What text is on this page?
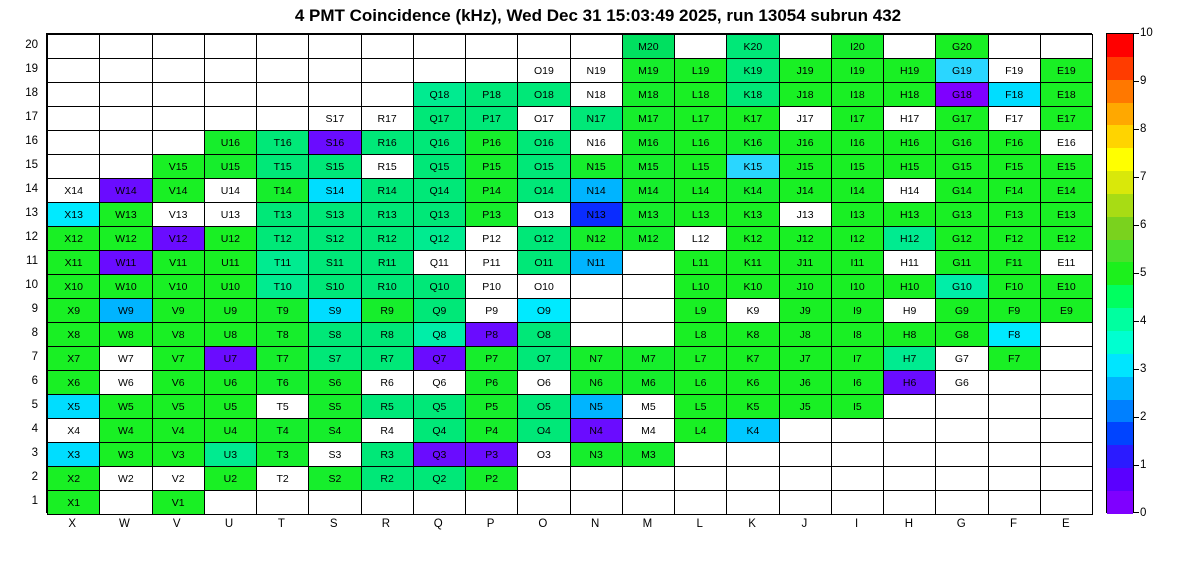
4 PMT Coincidence (kHz), Wed Dec 31 15:03:49 2025, run 13054 subrun 432
20
19
18
17
16
15
14
13
12
11
10
9
8
7
6
5
4
3
2
1
											M20		K20		I20		G20		
									O19	N19	M19	L19	K19	J19	I19	H19	G19	F19	E19
							Q18	P18	O18	N18	M18	L18	K18	J18	I18	H18	G18	F18	E18
					S17	R17	Q17	P17	O17	N17	M17	L17	K17	J17	I17	H17	G17	F17	E17
			U16	T16	S16	R16	Q16	P16	O16	N16	M16	L16	K16	J16	I16	H16	G16	F16	E16
		V15	U15	T15	S15	R15	Q15	P15	O15	N15	M15	L15	K15	J15	I15	H15	G15	F15	E15
X14	W14	V14	U14	T14	S14	R14	Q14	P14	O14	N14	M14	L14	K14	J14	I14	H14	G14	F14	E14
X13	W13	V13	U13	T13	S13	R13	Q13	P13	O13	N13	M13	L13	K13	J13	I13	H13	G13	F13	E13
X12	W12	V12	U12	T12	S12	R12	Q12	P12	O12	N12	M12	L12	K12	J12	I12	H12	G12	F12	E12
X11	W11	V11	U11	T11	S11	R11	Q11	P11	O11	N11		L11	K11	J11	I11	H11	G11	F11	E11
X10	W10	V10	U10	T10	S10	R10	Q10	P10	O10			L10	K10	J10	I10	H10	G10	F10	E10
X9	W9	V9	U9	T9	S9	R9	Q9	P9	O9			L9	K9	J9	I9	H9	G9	F9	E9
X8	W8	V8	U8	T8	S8	R8	Q8	P8	O8			L8	K8	J8	I8	H8	G8	F8	
X7	W7	V7	U7	T7	S7	R7	Q7	P7	O7	N7	M7	L7	K7	J7	I7	H7	G7	F7	
X6	W6	V6	U6	T6	S6	R6	Q6	P6	O6	N6	M6	L6	K6	J6	I6	H6	G6		
X5	W5	V5	U5	T5	S5	R5	Q5	P5	O5	N5	M5	L5	K5	J5	I5				
X4	W4	V4	U4	T4	S4	R4	Q4	P4	O4	N4	M4	L4	K4						
X3	W3	V3	U3	T3	S3	R3	Q3	P3	O3	N3	M3								
X2	W2	V2	U2	T2	S2	R2	Q2	P2											
X1		V1																	
X	W	V	U	T	S	R	Q	P	O	N	M	L	K	J	I	H	G	F	E
0
1
2
3
4
5
6
7
8
9
10
